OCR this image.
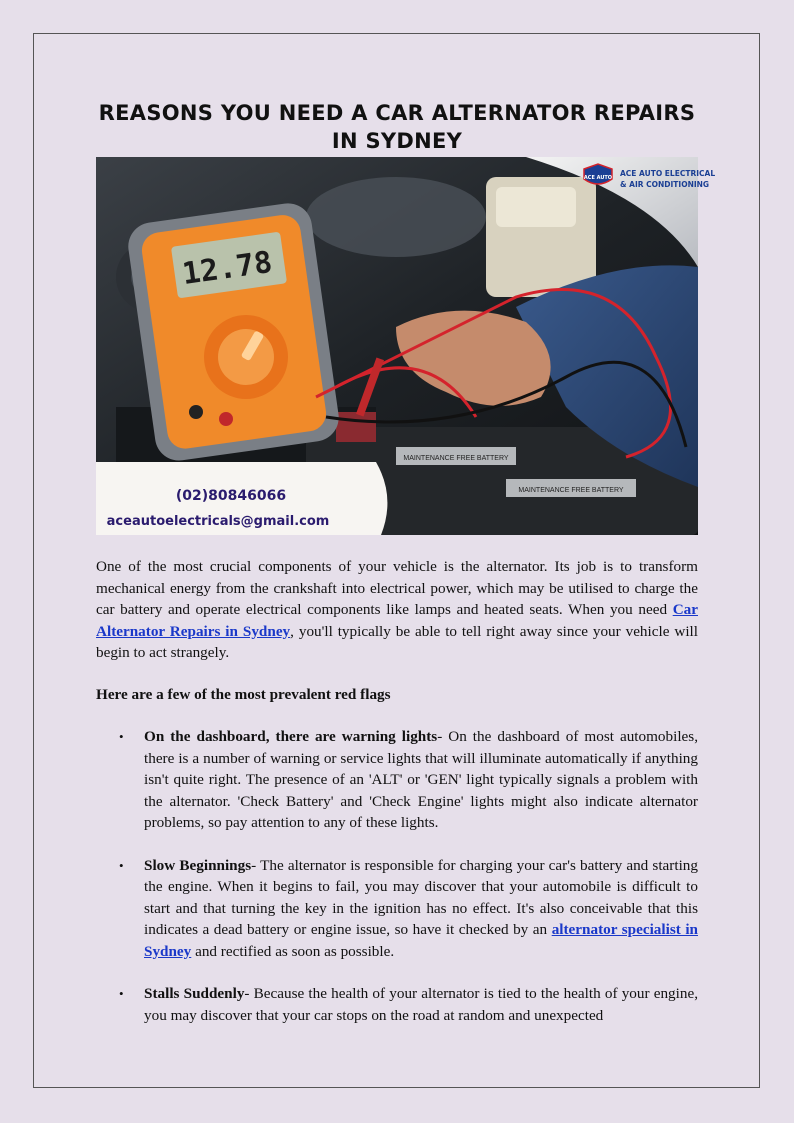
REASONS YOU NEED A CAR ALTERNATOR REPAIRS IN SYDNEY
MAINTENANCE FREE BATTERY
MAINTENANCE FREE BATTERY
12.78
ACE AUTO ACE AUTO ELECTRICAL
& AIR CONDITIONING
(02)80846066
aceautoelectricals@gmail.com

One of the most crucial components of your vehicle is the alternator. Its job is to transform mechanical energy from the crankshaft into electrical power, which may be utilised to charge the car battery and operate electrical components like lamps and heated seats. When you need Car Alternator Repairs in Sydney, you'll typically be able to tell right away since your vehicle will begin to act strangely.

Here are a few of the most prevalent red flags

• On the dashboard, there are warning lights- On the dashboard of most automobiles, there is a number of warning or service lights that will illuminate automatically if anything isn't quite right. The presence of an 'ALT' or 'GEN' light typically signals a problem with the alternator. 'Check Battery' and 'Check Engine' lights might also indicate alternator problems, so pay attention to any of these lights.
• Slow Beginnings- The alternator is responsible for charging your car's battery and starting the engine. When it begins to fail, you may discover that your automobile is difficult to start and that turning the key in the ignition has no effect. It's also conceivable that this indicates a dead battery or engine issue, so have it checked by an alternator specialist in Sydney and rectified as soon as possible.
• Stalls Suddenly- Because the health of your alternator is tied to the health of your engine, you may discover that your car stops on the road at random and unexpected
